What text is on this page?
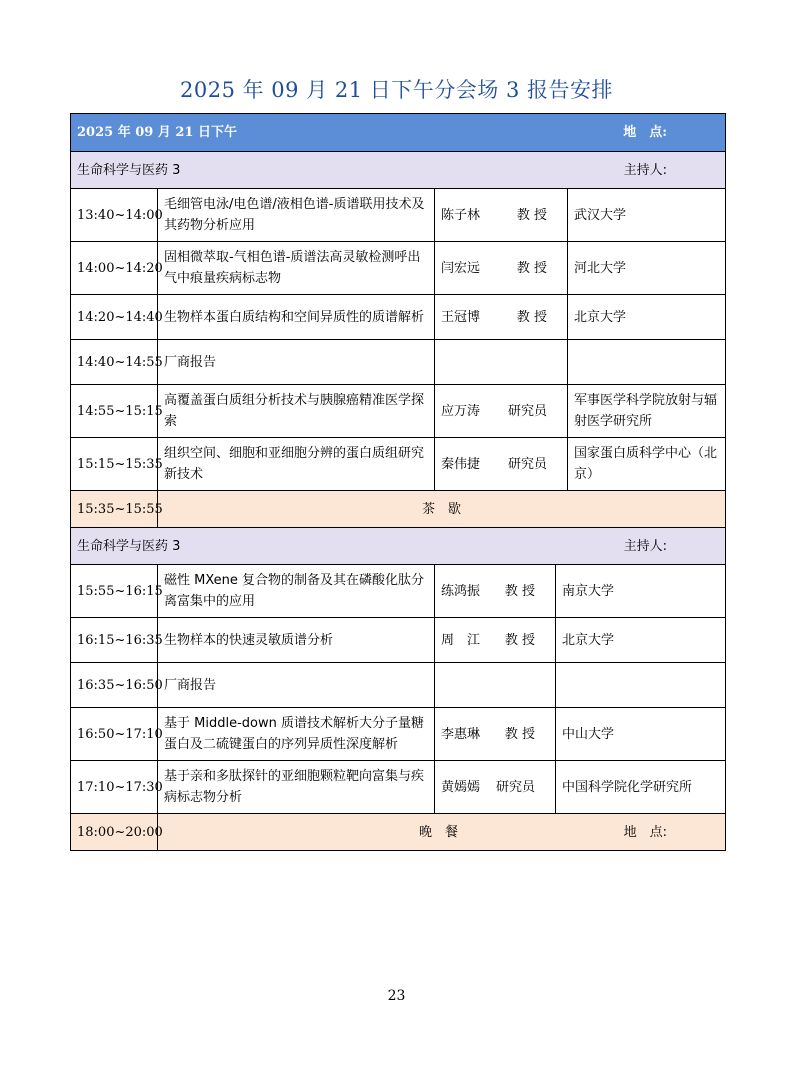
2025 年 09 月 21 日下午分会场 3 报告安排
2025 年 09 月 21 日下午 地　点:				

生命科学与医药 3 主持人:				

13:40~14:00	毛细管电泳/电色谱/液相色谱-质谱联用技术及其药物分析应用	陈子林 教 授		武汉大学
14:00~14:20	固相微萃取-气相色谱-质谱法高灵敏检测呼出气中痕量疾病标志物	闫宏远 教 授		河北大学
14:20~14:40	生物样本蛋白质结构和空间异质性的质谱解析	王冠博 教 授		北京大学
14:40~14:55	厂商报告		

14:55~15:15	高覆盖蛋白质组分析技术与胰腺癌精准医学探索	应万涛 研究员		军事医学科学院放射与辐射医学研究所
15:15~15:35	组织空间、细胞和亚细胞分辨的蛋白质组研究新技术	秦伟捷 研究员		国家蛋白质科学中心（北京）
15:35~15:55	茶　歇			

生命科学与医药 3 主持人:				

15:55~16:15	磁性 MXene 复合物的制备及其在磷酸化肽分离富集中的应用	练鸿振 教 授	南京大学	
16:15~16:35	生物样本的快速灵敏质谱分析	周　江 教 授	北京大学	
16:35~16:50	厂商报告		

16:50~17:10	基于 Middle-down 质谱技术解析大分子量糖蛋白及二硫键蛋白的序列异质性深度解析	李惠琳 教 授	中山大学	
17:10~17:30	基于亲和多肽探针的亚细胞颗粒靶向富集与疾病标志物分析	黄嫣嫣 研究员	中国科学院化学研究所	
18:00~20:00	晚　餐 地　点:			
23
